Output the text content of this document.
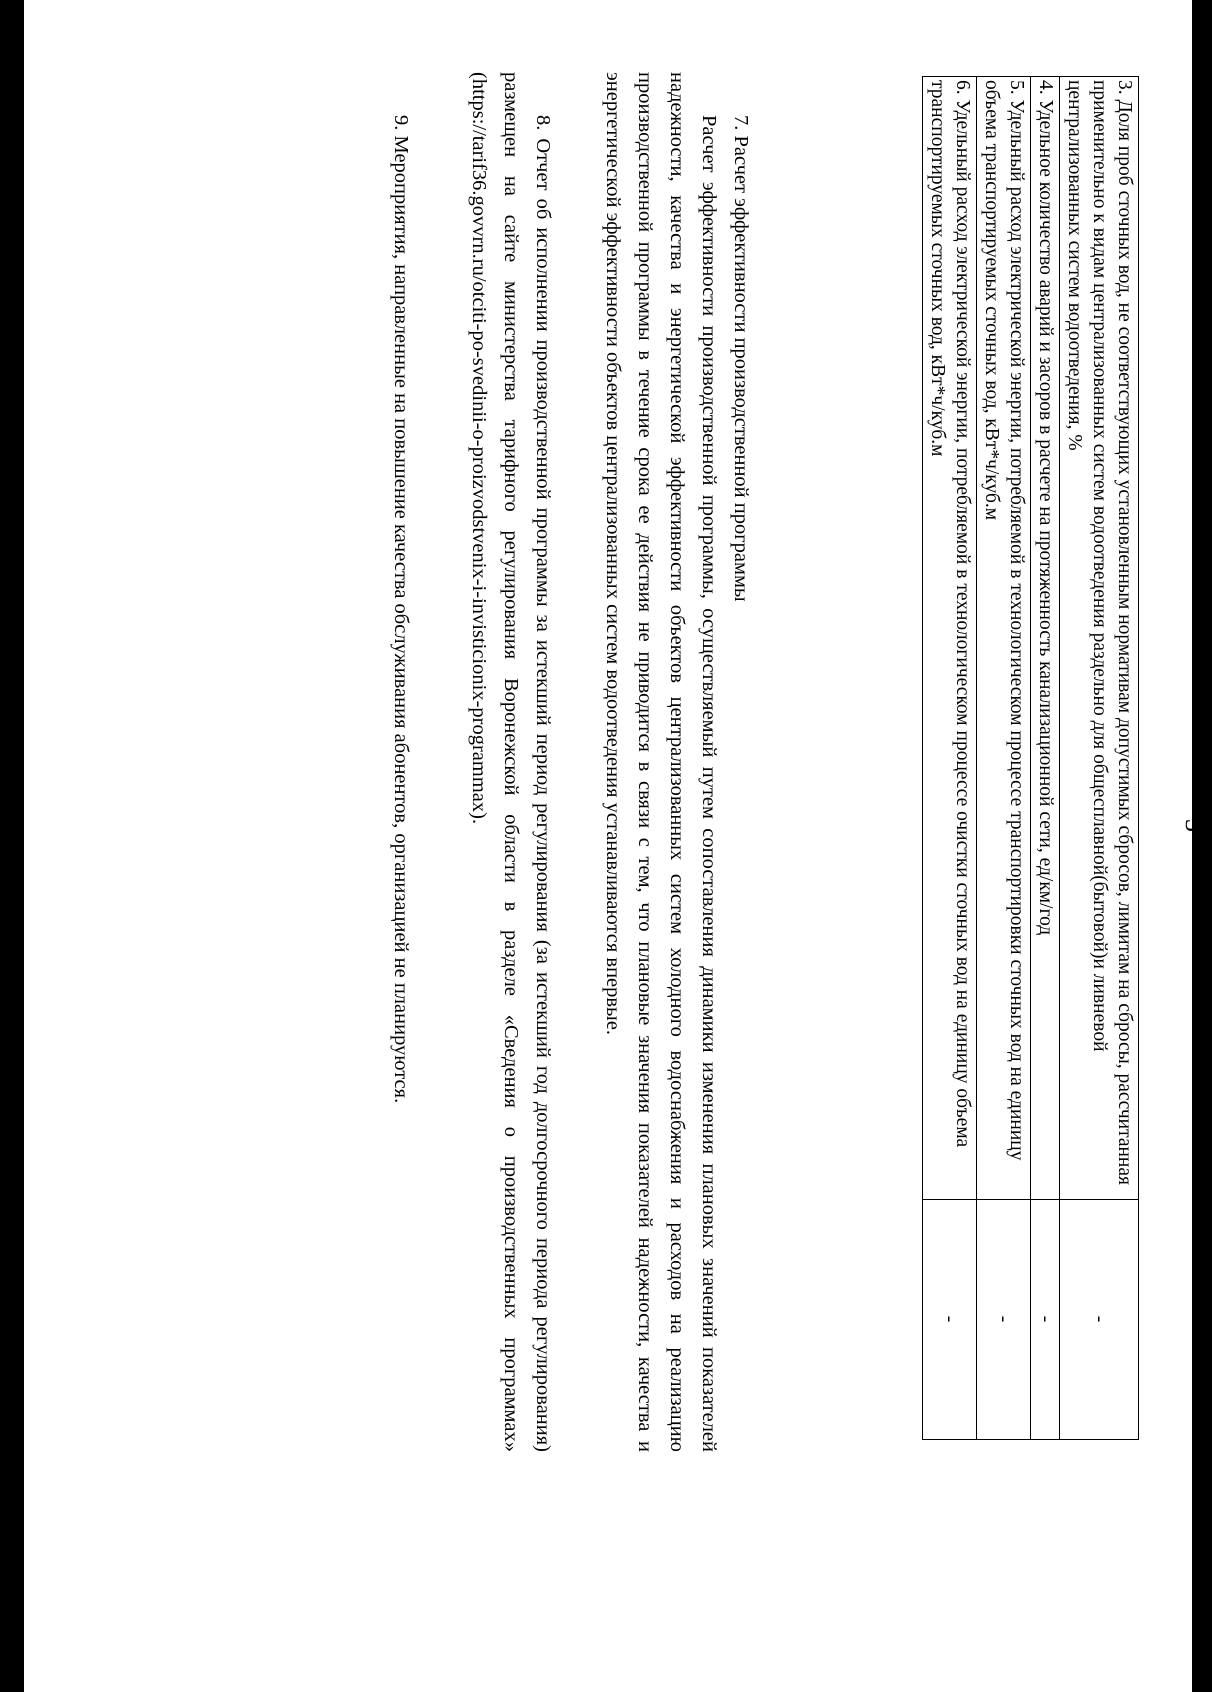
3
3. Доля проб сточных вод, не соответствующих установленным нормативам допустимых сбросов, лимитам на сбросы, рассчитанная применительно к видам централизованных систем водоотведения раздельно для общесплавной(бытовой)и ливневой централизованных систем водоотведения, %	-
4. Удельное количество аварий и засоров в расчете на протяженность канализационной сети, ед/км/год	-
5. Удельный расход электрической энергии, потребляемой в технологическом процессе транспортировки сточных вод на единицу объема транспортируемых сточных вод, кВт*ч/куб.м	-
6. Удельный расход электрической энергии, потребляемой в технологическом процессе очистки сточных вод на единицу объема транспортируемых сточных вод, кВт*ч/куб.м	-

7. Расчет эффективности производственной программы

Расчет эффективности производственной программы, осуществляемый путем сопоставления динамики изменения плановых значений показателей надежности, качества и энергетической эффективности объектов централизованных систем холодного водоснабжения и расходов на реализацию производственной программы в течение срока ее действия не приводится в связи с тем, что плановые значения показателей надежности, качества и энергетической эффективности объектов централизованных систем водоотведения устанавливаются впервые.

8. Отчет об исполнении производственной программы за истекший период регулирования (за истекший год долгосрочного периода регулирования) размещен на сайте министерства тарифного регулирования Воронежской области в разделе «Сведения о производственных программах» (https://tarif36.govvrn.ru/otciti-po-svedinii-o-proizvodstvenix-i-invisticionix-programmax).

9. Мероприятия, направленные на повышение качества обслуживания абонентов, организацией не планируются.
